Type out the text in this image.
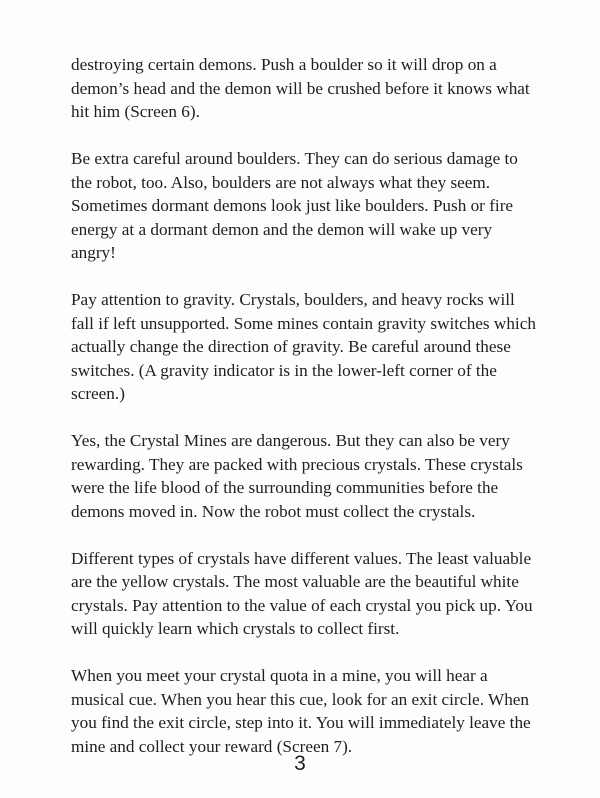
destroying certain demons. Push a boulder so it will drop on a
demon’s head and the demon will be crushed before it knows what
hit him (Screen 6).

Be extra careful around boulders. They can do serious damage to
the robot, too. Also, boulders are not always what they seem.
Sometimes dormant demons look just like boulders. Push or fire
energy at a dormant demon and the demon will wake up very
angry!

Pay attention to gravity. Crystals, boulders, and heavy rocks will
fall if left unsupported. Some mines contain gravity switches which
actually change the direction of gravity. Be careful around these
switches. (A gravity indicator is in the lower-left corner of the
screen.)

Yes, the Crystal Mines are dangerous. But they can also be very
rewarding. They are packed with precious crystals. These crystals
were the life blood of the surrounding communities before the
demons moved in. Now the robot must collect the crystals.

Different types of crystals have different values. The least valuable
are the yellow crystals. The most valuable are the beautiful white
crystals. Pay attention to the value of each crystal you pick up. You
will quickly learn which crystals to collect first.

When you meet your crystal quota in a mine, you will hear a
musical cue. When you hear this cue, look for an exit circle. When
you find the exit circle, step into it. You will immediately leave the
mine and collect your reward (Screen 7).

3
